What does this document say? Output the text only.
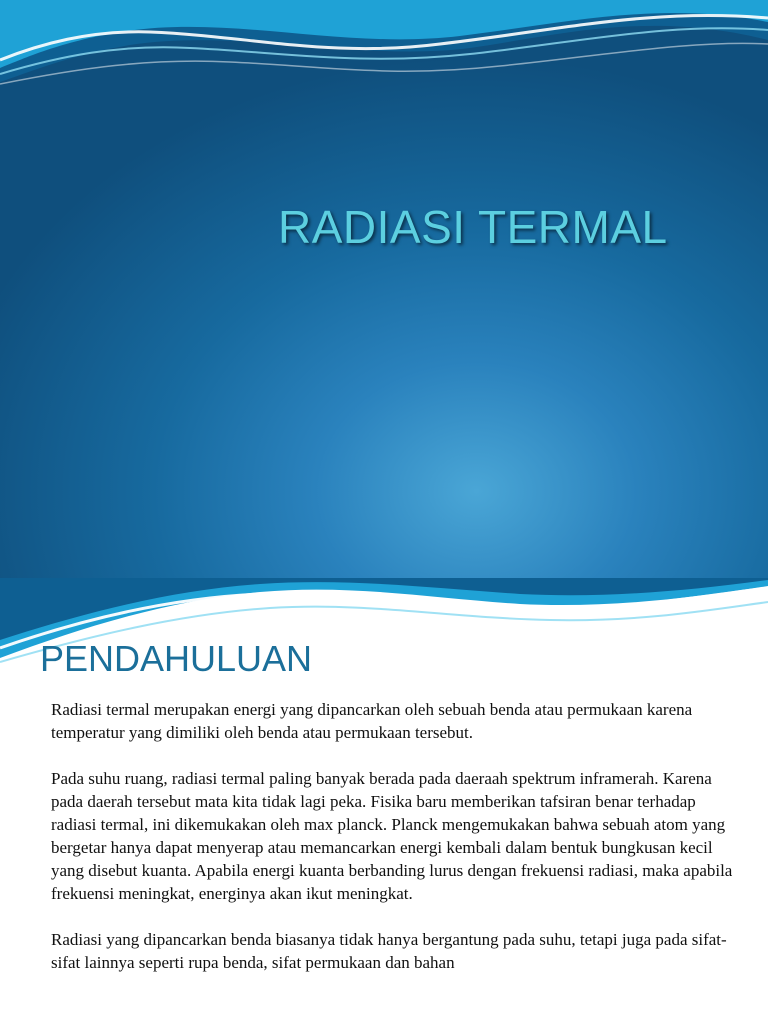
RADIASI TERMAL
PENDAHULUAN

Radiasi termal merupakan energi yang dipancarkan oleh sebuah benda atau permukaan karena temperatur yang dimiliki oleh benda atau permukaan tersebut.

Pada suhu ruang, radiasi termal paling banyak berada pada daeraah spektrum inframerah. Karena pada daerah tersebut mata kita tidak lagi peka. Fisika baru memberikan tafsiran benar terhadap radiasi termal, ini dikemukakan oleh max planck. Planck mengemukakan bahwa sebuah atom yang bergetar hanya dapat menyerap atau memancarkan energi kembali dalam bentuk bungkusan kecil yang disebut kuanta. Apabila energi kuanta berbanding lurus dengan frekuensi radiasi, maka apabila frekuensi meningkat, energinya akan ikut meningkat.

Radiasi yang dipancarkan benda biasanya tidak hanya bergantung pada suhu, tetapi juga pada sifat-sifat lainnya seperti rupa benda, sifat permukaan dan bahan
